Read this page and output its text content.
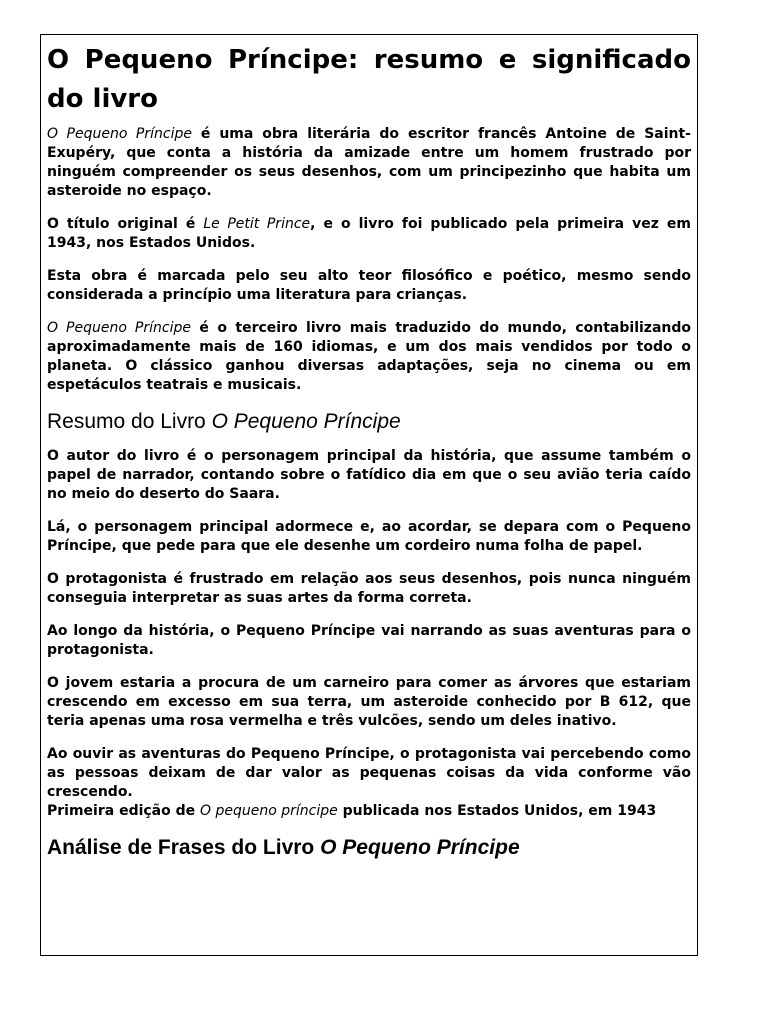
O Pequeno Príncipe: resumo e significado do livro

O Pequeno Príncipe é uma obra literária do escritor francês Antoine de Saint-Exupéry, que conta a história da amizade entre um homem frustrado por ninguém compreender os seus desenhos, com um principezinho que habita um asteroide no espaço.

O título original é Le Petit Prince, e o livro foi publicado pela primeira vez em 1943, nos Estados Unidos.

Esta obra é marcada pelo seu alto teor filosófico e poético, mesmo sendo considerada a princípio uma literatura para crianças.

O Pequeno Príncipe é o terceiro livro mais traduzido do mundo, contabilizando aproximadamente mais de 160 idiomas, e um dos mais vendidos por todo o planeta. O clássico ganhou diversas adaptações, seja no cinema ou em espetáculos teatrais e musicais.

Resumo do Livro O Pequeno Príncipe

O autor do livro é o personagem principal da história, que assume também o papel de narrador, contando sobre o fatídico dia em que o seu avião teria caído no meio do deserto do Saara.

Lá, o personagem principal adormece e, ao acordar, se depara com o Pequeno Príncipe, que pede para que ele desenhe um cordeiro numa folha de papel.

O protagonista é frustrado em relação aos seus desenhos, pois nunca ninguém conseguia interpretar as suas artes da forma correta.

Ao longo da história, o Pequeno Príncipe vai narrando as suas aventuras para o protagonista.

O jovem estaria a procura de um carneiro para comer as árvores que estariam crescendo em excesso em sua terra, um asteroide conhecido por B 612, que teria apenas uma rosa vermelha e três vulcões, sendo um deles inativo.

Ao ouvir as aventuras do Pequeno Príncipe, o protagonista vai percebendo como as pessoas deixam de dar valor as pequenas coisas da vida conforme vão crescendo.

Primeira edição de O pequeno príncipe publicada nos Estados Unidos, em 1943

Análise de Frases do Livro O Pequeno Príncipe
